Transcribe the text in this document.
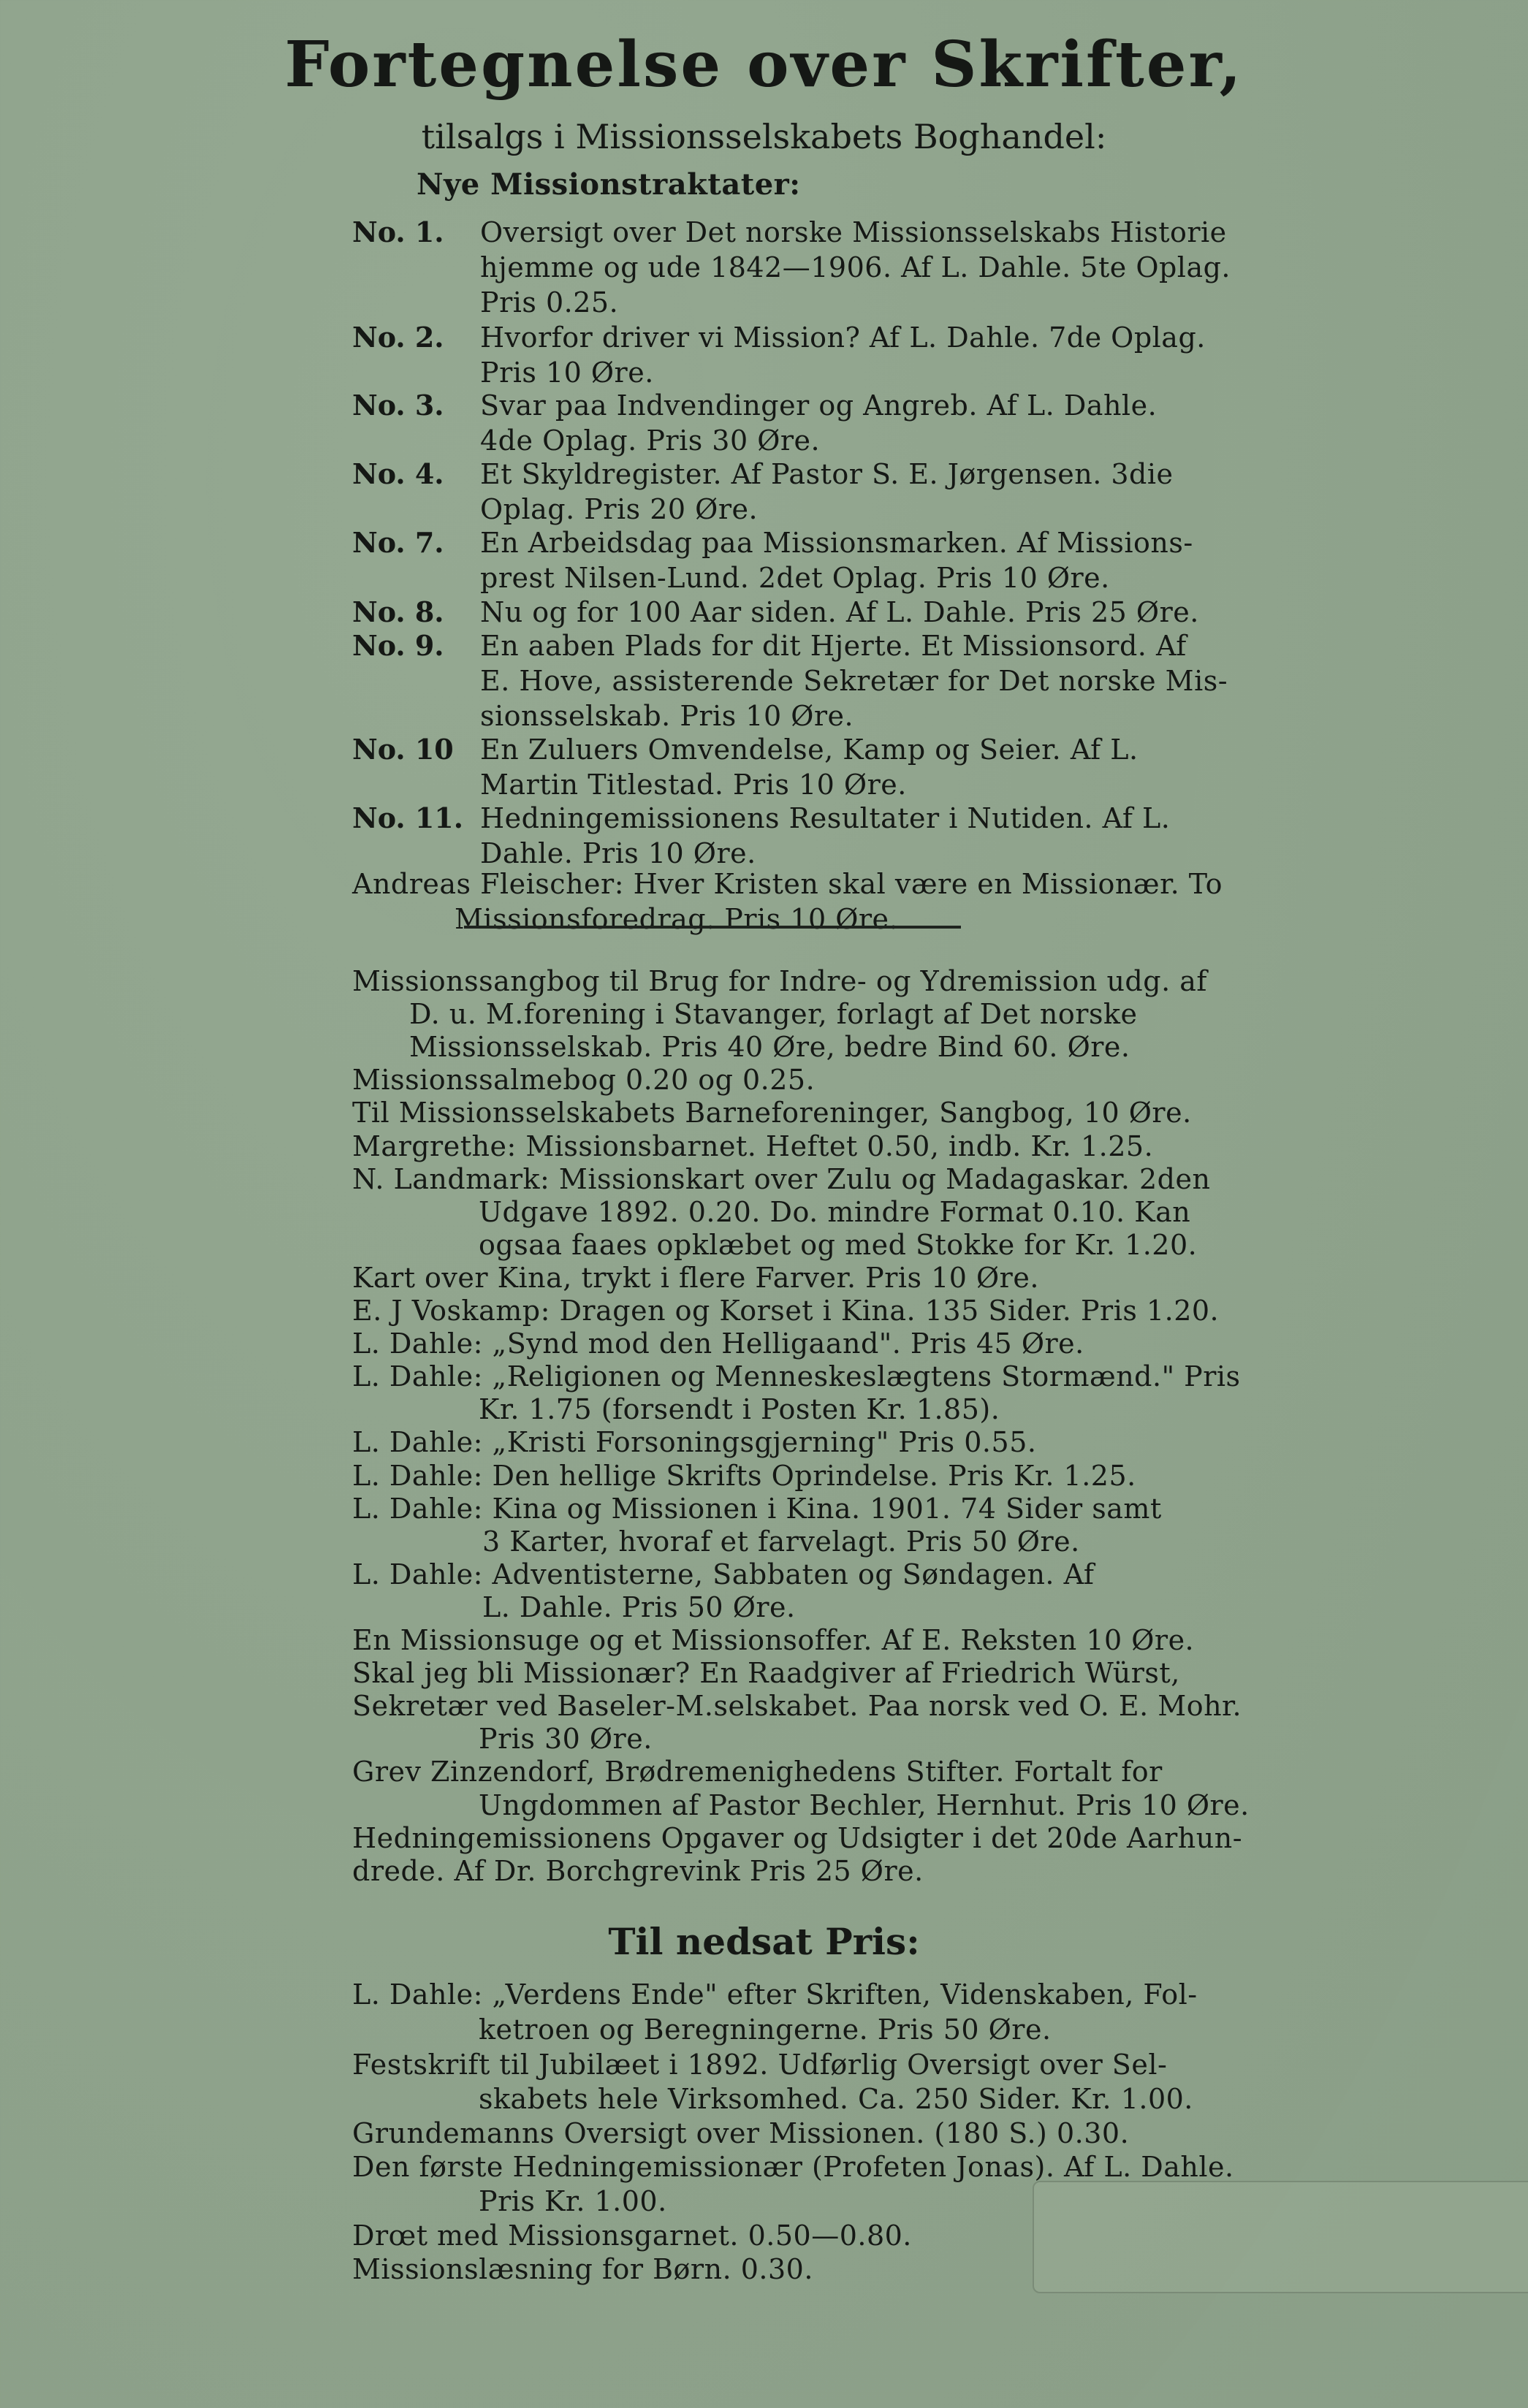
Fortegnelse over Skrifter,
tilsalgs i Missionsselskabets Boghandel:
Nye Missionstraktater:
No. 1. Oversigt over Det norske Missionsselskabs Historie
hjemme og ude 1842—1906. Af L. Dahle. 5te Oplag.
Pris 0.25.
No. 2. Hvorfor driver vi Mission? Af L. Dahle. 7de Oplag.
Pris 10 Øre.
No. 3. Svar paa Indvendinger og Angreb. Af L. Dahle.
4de Oplag. Pris 30 Øre.
No. 4. Et Skyldregister. Af Pastor S. E. Jørgensen. 3die
Oplag. Pris 20 Øre.
No. 7. En Arbeidsdag paa Missionsmarken. Af Missions-
prest Nilsen-Lund. 2det Oplag. Pris 10 Øre.
No. 8. Nu og for 100 Aar siden. Af L. Dahle. Pris 25 Øre.
No. 9. En aaben Plads for dit Hjerte. Et Missionsord. Af
E. Hove, assisterende Sekretær for Det norske Mis-
sionsselskab. Pris 10 Øre.
No. 10 En Zuluers Omvendelse, Kamp og Seier. Af L.
Martin Titlestad. Pris 10 Øre.
No. 11. Hedningemissionens Resultater i Nutiden. Af L.
Dahle. Pris 10 Øre.
Andreas Fleischer: Hver Kristen skal være en Missionær. To
Missionsforedrag. Pris 10 Øre.
Missionssangbog til Brug for Indre- og Ydremission udg. af
D. u. M.forening i Stavanger, forlagt af Det norske
Missionsselskab. Pris 40 Øre, bedre Bind 60. Øre.
Missionssalmebog 0.20 og 0.25.
Til Missionsselskabets Barneforeninger, Sangbog, 10 Øre.
Margrethe: Missionsbarnet. Heftet 0.50, indb. Kr. 1.25.
N. Landmark: Missionskart over Zulu og Madagaskar. 2den
Udgave 1892. 0.20. Do. mindre Format 0.10. Kan
ogsaa faaes opklæbet og med Stokke for Kr. 1.20.
Kart over Kina, trykt i flere Farver. Pris 10 Øre.
E. J Voskamp: Dragen og Korset i Kina. 135 Sider. Pris 1.20.
L. Dahle: „Synd mod den Helligaand". Pris 45 Øre.
L. Dahle: „Religionen og Menneskeslægtens Stormænd." Pris
Kr. 1.75 (forsendt i Posten Kr. 1.85).
L. Dahle: „Kristi Forsoningsgjerning" Pris 0.55.
L. Dahle: Den hellige Skrifts Oprindelse. Pris Kr. 1.25.
L. Dahle: Kina og Missionen i Kina. 1901. 74 Sider samt
3 Karter, hvoraf et farvelagt. Pris 50 Øre.
L. Dahle: Adventisterne, Sabbaten og Søndagen. Af
L. Dahle. Pris 50 Øre.
En Missionsuge og et Missionsoffer. Af E. Reksten 10 Øre.
Skal jeg bli Missionær? En Raadgiver af Friedrich Würst,
Sekretær ved Baseler-M.selskabet. Paa norsk ved O. E. Mohr.
Pris 30 Øre.
Grev Zinzendorf, Brødremenighedens Stifter. Fortalt for
Ungdommen af Pastor Bechler, Hernhut. Pris 10 Øre.
Hedningemissionens Opgaver og Udsigter i det 20de Aarhun-
drede. Af Dr. Borchgrevink Pris 25 Øre.
Til nedsat Pris:
L. Dahle: „Verdens Ende" efter Skriften, Videnskaben, Fol-
ketroen og Beregningerne. Pris 50 Øre.
Festskrift til Jubilæet i 1892. Udførlig Oversigt over Sel-
skabets hele Virksomhed. Ca. 250 Sider. Kr. 1.00.
Grundemanns Oversigt over Missionen. (180 S.) 0.30.
Den første Hedningemissionær (Profeten Jonas). Af L. Dahle.
Pris Kr. 1.00.
Drœt med Missionsgarnet. 0.50—0.80.
Missionslæsning for Børn. 0.30.
